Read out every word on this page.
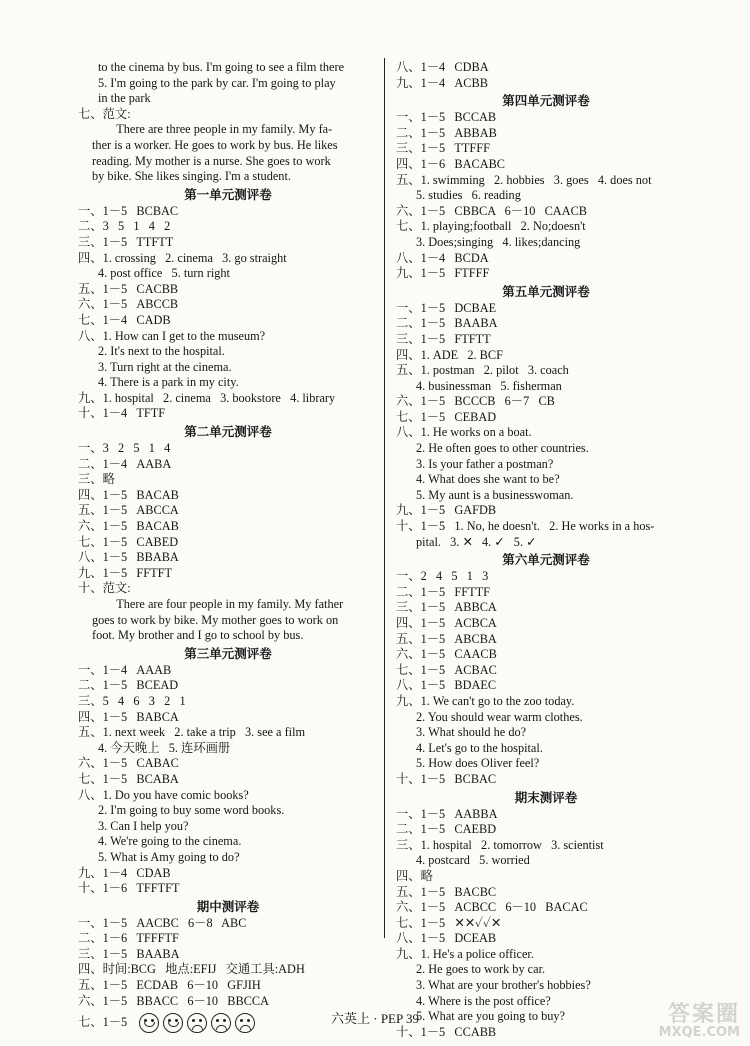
to the cinema by bus. I'm going to see a film there
5. I'm going to the park by car. I'm going to play
in the park
七、范文:
There are three people in my family. My fa-
ther is a worker. He goes to work by bus. He likes
reading. My mother is a nurse. She goes to work
by bike. She likes singing. I'm a student.
第一单元测评卷
一、1－5   BCBAC
二、3   5   1   4   2
三、1－5   TTFTT
四、1. crossing   2. cinema   3. go straight
4. post office   5. turn right
五、1－5   CACBB
六、1－5   ABCCB
七、1－4   CADB
八、1. How can I get to the museum?
2. It's next to the hospital.
3. Turn right at the cinema.
4. There is a park in my city.
九、1. hospital   2. cinema   3. bookstore   4. library
十、1－4   TFTF
第二单元测评卷
一、3   2   5   1   4
二、1－4   AABA
三、略
四、1－5   BACAB
五、1－5   ABCCA
六、1－5   BACAB
七、1－5   CABED
八、1－5   BBABA
九、1－5   FFTFT
十、范文:
There are four people in my family. My father
goes to work by bike. My mother goes to work on
foot. My brother and I go to school by bus.
第三单元测评卷
一、1－4   AAAB
二、1－5   BCEAD
三、5   4   6   3   2   1
四、1－5   BABCA
五、1. next week   2. take a trip   3. see a film
4. 今天晚上   5. 连环画册
六、1－5   CABAC
七、1－5   BCABA
八、1. Do you have comic books?
2. I'm going to buy some word books.
3. Can I help you?
4. We're going to the cinema.
5. What is Amy going to do?
九、1－4   CDAB
十、1－6   TFFTFT
期中测评卷
一、1－5   AACBC   6－8   ABC
二、1－6   TFFFTF
三、1－5   BAABA
四、时间:BCG   地点:EFIJ   交通工具:ADH
五、1－5   ECDAB   6－10   GFJIH
六、1－5   BBACC   6－10   BBCCA
七、1－5
八、1－4   CDBA
九、1－4   ACBB
第四单元测评卷
一、1－5   BCCAB
二、1－5   ABBAB
三、1－5   TTFFF
四、1－6   BACABC
五、1. swimming   2. hobbies   3. goes   4. does not
5. studies   6. reading
六、1－5   CBBCA   6－10   CAACB
七、1. playing;football   2. No;doesn't
3. Does;singing   4. likes;dancing
八、1－4   BCDA
九、1－5   FTFFF
第五单元测评卷
一、1－5   DCBAE
二、1－5   BAABA
三、1－5   FTFTT
四、1. ADE   2. BCF
五、1. postman   2. pilot   3. coach
4. businessman   5. fisherman
六、1－5   BCCCB   6－7   CB
七、1－5   CEBAD
八、1. He works on a boat.
2. He often goes to other countries.
3. Is your father a postman?
4. What does she want to be?
5. My aunt is a businesswoman.
九、1－5   GAFDB
十、1－5   1. No, he doesn't.   2. He works in a hos-
pital.   3. ✕   4. ✓   5. ✓
第六单元测评卷
一、2   4   5   1   3
二、1－5   FFTTF
三、1－5   ABBCA
四、1－5   ACBCA
五、1－5   ABCBA
六、1－5   CAACB
七、1－5   ACBAC
八、1－5   BDAEC
九、1. We can't go to the zoo today.
2. You should wear warm clothes.
3. What should he do?
4. Let's go to the hospital.
5. How does Oliver feel?
十、1－5   BCBAC
期末测评卷
一、1－5   AABBA
二、1－5   CAEBD
三、1. hospital   2. tomorrow   3. scientist
4. postcard   5. worried
四、略
五、1－5   BACBC
六、1－5   ACBCC   6－10   BACAC
七、1－5   ✕✕✓✓✕
八、1－5   DCEAB
九、1. He's a police officer.
2. He goes to work by car.
3. What are your brother's hobbies?
4. Where is the post office?
5. What are you going to buy?
十、1－5   CCABB
六英上 · PEP 39	答案圈
MXQE.COM
